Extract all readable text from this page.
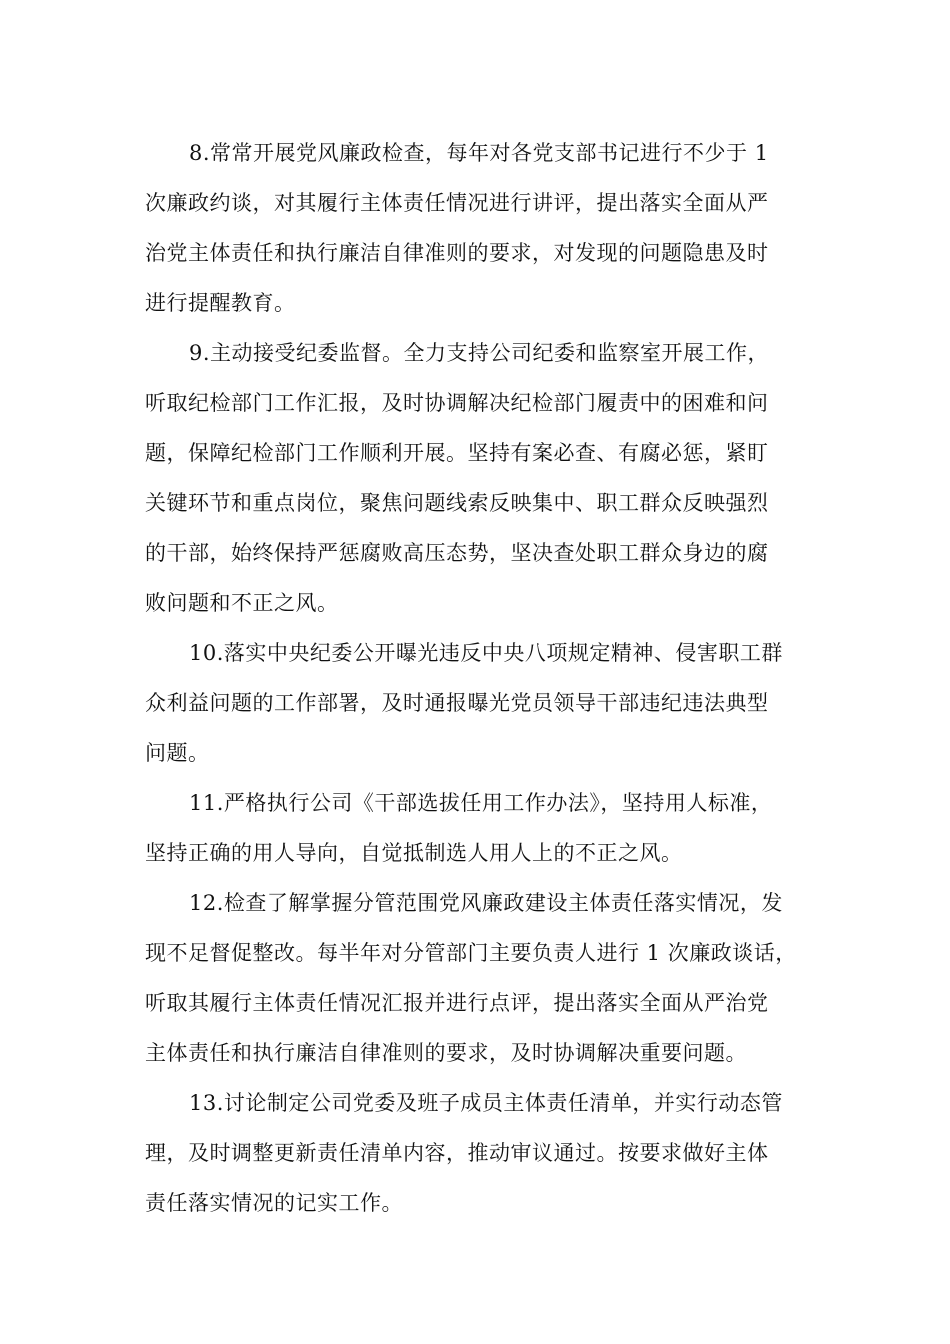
8.常常开展党风廉政检查，每年对各党支部书记进行不少于 1
次廉政约谈，对其履行主体责任情况进行讲评，提出落实全面从严
治党主体责任和执行廉洁自律准则的要求，对发现的问题隐患及时
进行提醒教育。

9.主动接受纪委监督。全力支持公司纪委和监察室开展工作，
听取纪检部门工作汇报，及时协调解决纪检部门履责中的困难和问
题，保障纪检部门工作顺利开展。坚持有案必查、有腐必惩，紧盯
关键环节和重点岗位，聚焦问题线索反映集中、职工群众反映强烈
的干部，始终保持严惩腐败高压态势，坚决查处职工群众身边的腐
败问题和不正之风。

10.落实中央纪委公开曝光违反中央八项规定精神、侵害职工群
众利益问题的工作部署，及时通报曝光党员领导干部违纪违法典型
问题。

11.严格执行公司《干部选拔任用工作办法》，坚持用人标准，
坚持正确的用人导向，自觉抵制选人用人上的不正之风。

12.检查了解掌握分管范围党风廉政建设主体责任落实情况，发
现不足督促整改。每半年对分管部门主要负责人进行 1 次廉政谈话，
听取其履行主体责任情况汇报并进行点评，提出落实全面从严治党
主体责任和执行廉洁自律准则的要求，及时协调解决重要问题。

13.讨论制定公司党委及班子成员主体责任清单，并实行动态管
理，及时调整更新责任清单内容，推动审议通过。按要求做好主体
责任落实情况的记实工作。
